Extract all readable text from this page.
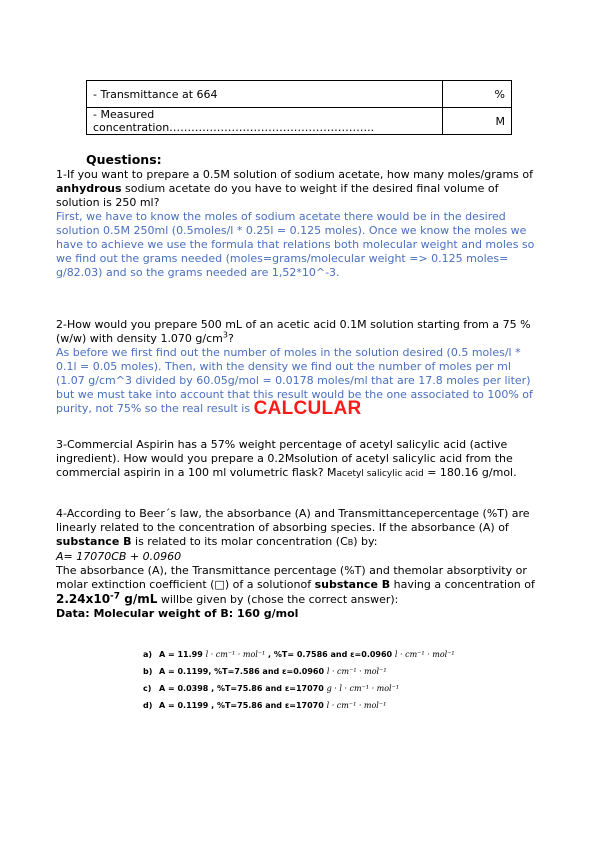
- Transmittance at 664	%
- Measured concentration………………………………………………..	M
Questions:
1-If you want to prepare a 0.5M solution of sodium acetate, how many moles/grams of anhydrous sodium acetate do you have to weight if the desired final volume of solution is 250 ml?
First, we have to know the moles of sodium acetate there would be in the desired solution 0.5M 250ml (0.5moles/l * 0.25l = 0.125 moles). Once we know the moles we have to achieve we use the formula that relations both molecular weight and moles so we find out the grams needed (moles=grams/molecular weight => 0.125 moles= g/82.03) and so the grams needed are 1,52*10^-3.
2-How would you prepare 500 mL of an acetic acid 0.1M solution starting from a 75 % (w/w) with density 1.070 $g/cm^3$?
As before we first find out the number of moles in the solution desired (0.5 moles/l * 0.1l = 0.05 moles). Then, with the density we find out the number of moles per ml (1.07 g/cm^3 divided by 60.05g/mol = 0.0178 moles/ml that are 17.8 moles per liter) but we must take into account that this result would be the one associated to 100% of purity, not 75% so the real result is CALCULAR
3-Commercial Aspirin has a 57% weight percentage of acetyl salicylic acid (active ingredient). How would you prepare a 0.2Msolution of acetyl salicylic acid from the commercial aspirin in a 100 ml volumetric flask? Macetyl salicylic acid = 180.16 g/mol.
4-According to Beer´s law, the absorbance (A) and Transmittancepercentage (%T) are linearly related to the concentration of absorbing species. If the absorbance (A) of substance B is related to its molar concentration (CB) by:
A= 17070CB + 0.0960
The absorbance (A), the Transmittance percentage (%T) and themolar absorptivity or molar extinction coefficient (□) of a solutionof substance B having a concentration of $2.24x10^{-7}$ g/mL willbe given by (chose the correct answer):
Data: Molecular weight of B: 160 g/mol
a) A = 11.99 l · cm⁻¹ · mol⁻¹ , %T= 0.7586 and ε=0.0960 l · cm⁻¹ · mol⁻¹
b) A = 0.1199, %T=7.586 and ε=0.0960 l · cm⁻¹ · mol⁻¹
c) A = 0.0398 , %T=75.86 and ε=17070 g · l · cm⁻¹ · mol⁻¹
d) A = 0.1199 , %T=75.86 and ε=17070 l · cm⁻¹ · mol⁻¹
